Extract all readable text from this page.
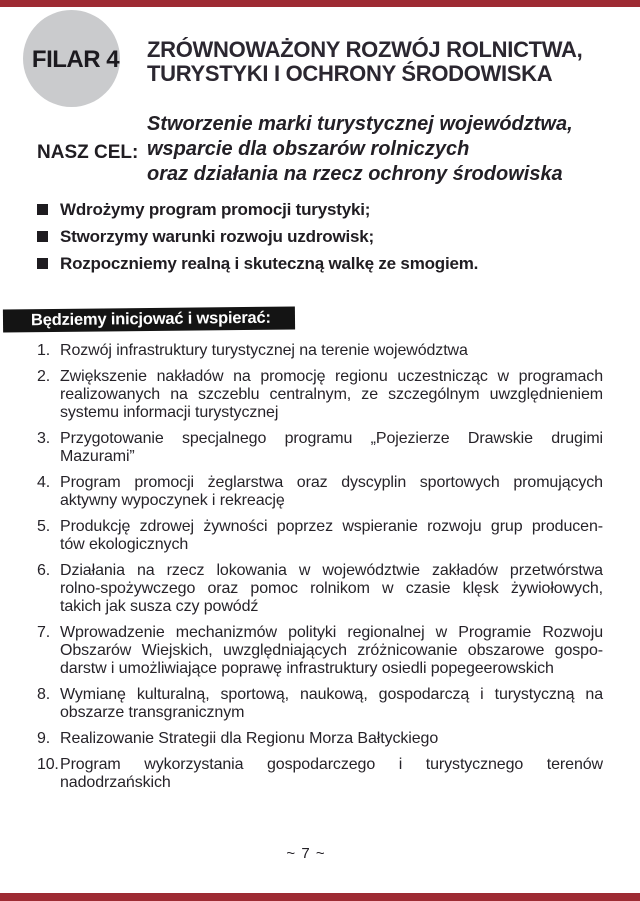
FILAR 4 ZRÓWNOWAŻONY ROZWÓJ ROLNICTWA,
TURYSTYKI I OCHRONY ŚRODOWISKA
NASZ CEL:
Stworzenie marki turystycznej województwa,
wsparcie dla obszarów rolniczych
oraz działania na rzecz ochrony środowiska
Wdrożymy program promocji turystyki;
Stworzymy warunki rozwoju uzdrowisk;
Rozpoczniemy realną i skuteczną walkę ze smogiem.
Będziemy inicjować i wspierać:
1. Rozwój infrastruktury turystycznej na terenie województwa
2. Zwiększenie nakładów na promocję regionu uczestnicząc w programach
realizowanych na szczeblu centralnym, ze szczególnym uwzględnieniem
systemu informacji turystycznej
3. Przygotowanie specjalnego programu „Pojezierze Drawskie drugimi
Mazurami”
4. Program promocji żeglarstwa oraz dyscyplin sportowych promujących
aktywny wypoczynek i rekreację
5. Produkcję zdrowej żywności poprzez wspieranie rozwoju grup producen-
tów ekologicznych
6. Działania na rzecz lokowania w województwie zakładów przetwórstwa
rolno-spożywczego oraz pomoc rolnikom w czasie klęsk żywiołowych,
takich jak susza czy powódź
7. Wprowadzenie mechanizmów polityki regionalnej w Programie Rozwoju
Obszarów Wiejskich, uwzględniających zróżnicowanie obszarowe gospo-
darstw i umożliwiające poprawę infrastruktury osiedli popegeerowskich
8. Wymianę kulturalną, sportową, naukową, gospodarczą i turystyczną na
obszarze transgranicznym
9. Realizowanie Strategii dla Regionu Morza Bałtyckiego
10. Program wykorzystania gospodarczego i turystycznego terenów
nadodrzańskich
~ 7 ~
